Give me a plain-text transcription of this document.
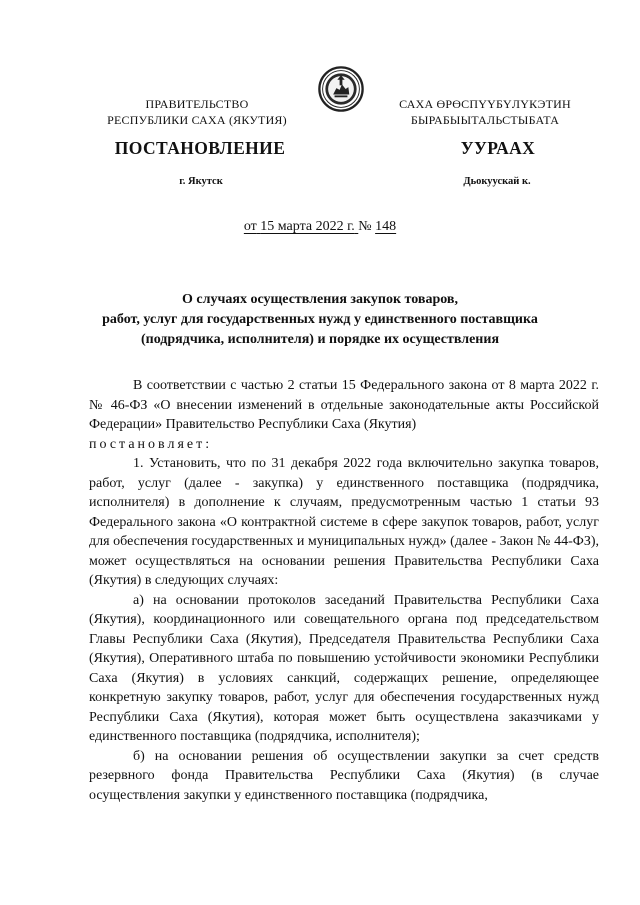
ПРАВИТЕЛЬСТВО
РЕСПУБЛИКИ САХА (ЯКУТИЯ)
САХА ӨРӨСПҮҮБҮЛҮКЭТИН
БЫРАБЫЫТАЛЬСТЫБАТА
ПОСТАНОВЛЕНИЕ	УУРААХ
г. Якутск	Дьокуускай к.
от 15 марта 2022 г. № 148
О случаях осуществления закупок товаров,
работ, услуг для государственных нужд у единственного поставщика
(подрядчика, исполнителя) и порядке их осуществления

В соответствии с частью 2 статьи 15 Федерального закона от 8 марта 2022 г. № 46-ФЗ «О внесении изменений в отдельные законодательные акты Российской Федерации» Правительство Республики Саха (Якутия)

постановляет:

1. Установить, что по 31 декабря 2022 года включительно закупка товаров, работ, услуг (далее - закупка) у единственного поставщика (подрядчика, исполнителя) в дополнение к случаям, предусмотренным частью 1 статьи 93 Федерального закона «О контрактной системе в сфере закупок товаров, работ, услуг для обеспечения государственных и муниципальных нужд» (далее - Закон № 44-ФЗ), может осуществляться на основании решения Правительства Республики Саха (Якутия) в следующих случаях:

а) на основании протоколов заседаний Правительства Республики Саха (Якутия), координационного или совещательного органа под председательством Главы Республики Саха (Якутия), Председателя Правительства Республики Саха (Якутия), Оперативного штаба по повышению устойчивости экономики Республики Саха (Якутия) в условиях санкций, содержащих решение, определяющее конкретную закупку товаров, работ, услуг для обеспечения государственных нужд Республики Саха (Якутия), которая может быть осуществлена заказчиками у единственного поставщика (подрядчика, исполнителя);

б) на основании решения об осуществлении закупки за счет средств резервного фонда Правительства Республики Саха (Якутия) (в случае осуществления закупки у единственного поставщика (подрядчика,
